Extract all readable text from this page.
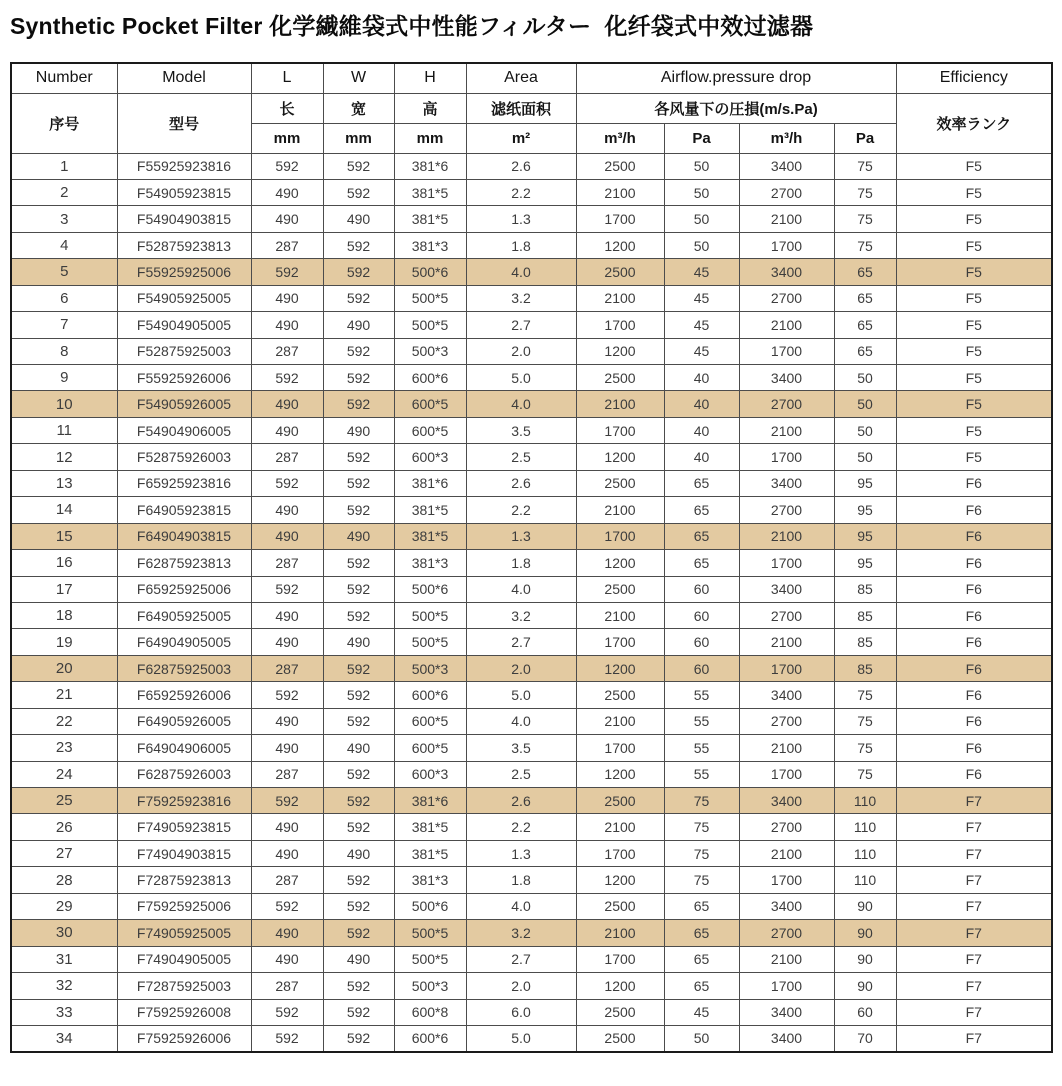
Synthetic Pocket Filter 化学繊維袋式中性能フィルター  化纤袋式中效过滤器
Number	Model	L	W	H	Area	Airflow.pressure drop				Efficiency
序号	型号	长	宽	高	滤纸面积	各风量下の圧損(m/s.Pa)				效率ランク
		mm	mm	mm	m²	m³/h	Pa	m³/h	Pa	
1	F55925923816	592	592	381*6	2.6	2500	50	3400	75	F5
2	F54905923815	490	592	381*5	2.2	2100	50	2700	75	F5
3	F54904903815	490	490	381*5	1.3	1700	50	2100	75	F5
4	F52875923813	287	592	381*3	1.8	1200	50	1700	75	F5
5	F55925925006	592	592	500*6	4.0	2500	45	3400	65	F5
6	F54905925005	490	592	500*5	3.2	2100	45	2700	65	F5
7	F54904905005	490	490	500*5	2.7	1700	45	2100	65	F5
8	F52875925003	287	592	500*3	2.0	1200	45	1700	65	F5
9	F55925926006	592	592	600*6	5.0	2500	40	3400	50	F5
10	F54905926005	490	592	600*5	4.0	2100	40	2700	50	F5
11	F54904906005	490	490	600*5	3.5	1700	40	2100	50	F5
12	F52875926003	287	592	600*3	2.5	1200	40	1700	50	F5
13	F65925923816	592	592	381*6	2.6	2500	65	3400	95	F6
14	F64905923815	490	592	381*5	2.2	2100	65	2700	95	F6
15	F64904903815	490	490	381*5	1.3	1700	65	2100	95	F6
16	F62875923813	287	592	381*3	1.8	1200	65	1700	95	F6
17	F65925925006	592	592	500*6	4.0	2500	60	3400	85	F6
18	F64905925005	490	592	500*5	3.2	2100	60	2700	85	F6
19	F64904905005	490	490	500*5	2.7	1700	60	2100	85	F6
20	F62875925003	287	592	500*3	2.0	1200	60	1700	85	F6
21	F65925926006	592	592	600*6	5.0	2500	55	3400	75	F6
22	F64905926005	490	592	600*5	4.0	2100	55	2700	75	F6
23	F64904906005	490	490	600*5	3.5	1700	55	2100	75	F6
24	F62875926003	287	592	600*3	2.5	1200	55	1700	75	F6
25	F75925923816	592	592	381*6	2.6	2500	75	3400	110	F7
26	F74905923815	490	592	381*5	2.2	2100	75	2700	110	F7
27	F74904903815	490	490	381*5	1.3	1700	75	2100	110	F7
28	F72875923813	287	592	381*3	1.8	1200	75	1700	110	F7
29	F75925925006	592	592	500*6	4.0	2500	65	3400	90	F7
30	F74905925005	490	592	500*5	3.2	2100	65	2700	90	F7
31	F74904905005	490	490	500*5	2.7	1700	65	2100	90	F7
32	F72875925003	287	592	500*3	2.0	1200	65	1700	90	F7
33	F75925926008	592	592	600*8	6.0	2500	45	3400	60	F7
34	F75925926006	592	592	600*6	5.0	2500	50	3400	70	F7
